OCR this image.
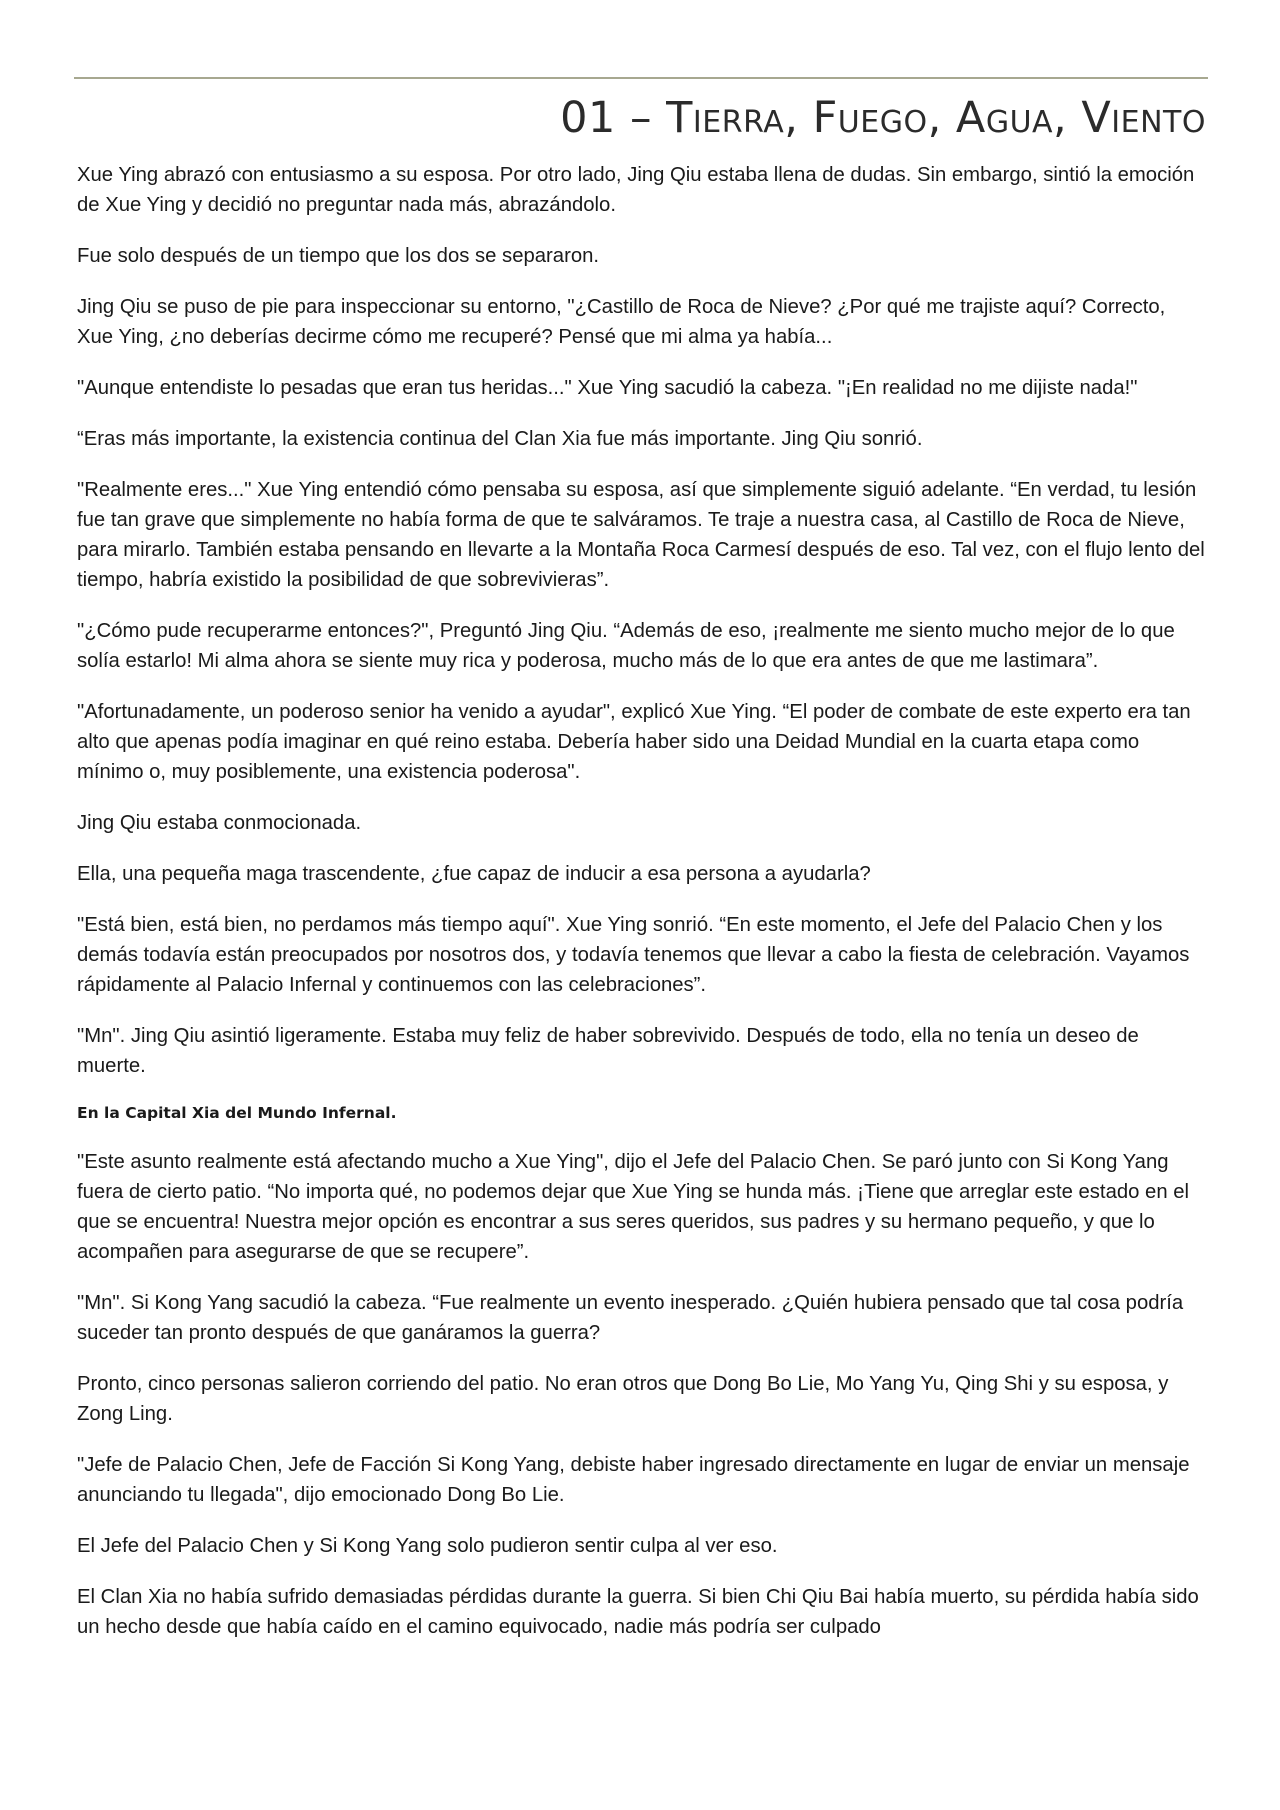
01 – Tierra, Fuego, Agua, Viento

Xue Ying abrazó con entusiasmo a su esposa. Por otro lado, Jing Qiu estaba llena de dudas. Sin embargo, sintió la emoción de Xue Ying y decidió no preguntar nada más, abrazándolo.

Fue solo después de un tiempo que los dos se separaron.

Jing Qiu se puso de pie para inspeccionar su entorno, "¿Castillo de Roca de Nieve? ¿Por qué me trajiste aquí? Correcto, Xue Ying, ¿no deberías decirme cómo me recuperé? Pensé que mi alma ya había...

"Aunque entendiste lo pesadas que eran tus heridas..." Xue Ying sacudió la cabeza. "¡En realidad no me dijiste nada!"

“Eras más importante, la existencia continua del Clan Xia fue más importante. Jing Qiu sonrió.

"Realmente eres..." Xue Ying entendió cómo pensaba su esposa, así que simplemente siguió adelante. “En verdad, tu lesión fue tan grave que simplemente no había forma de que te salváramos. Te traje a nuestra casa, al Castillo de Roca de Nieve, para mirarlo. También estaba pensando en llevarte a la Montaña Roca Carmesí después de eso. Tal vez, con el flujo lento del tiempo, habría existido la posibilidad de que sobrevivieras”.

"¿Cómo pude recuperarme entonces?", Preguntó Jing Qiu. “Además de eso, ¡realmente me siento mucho mejor de lo que solía estarlo! Mi alma ahora se siente muy rica y poderosa, mucho más de lo que era antes de que me lastimara”.

"Afortunadamente, un poderoso senior ha venido a ayudar", explicó Xue Ying. “El poder de combate de este experto era tan alto que apenas podía imaginar en qué reino estaba. Debería haber sido una Deidad Mundial en la cuarta etapa como mínimo o, muy posiblemente, una existencia poderosa".

Jing Qiu estaba conmocionada.

Ella, una pequeña maga trascendente, ¿fue capaz de inducir a esa persona a ayudarla?

"Está bien, está bien, no perdamos más tiempo aquí". Xue Ying sonrió. “En este momento, el Jefe del Palacio Chen y los demás todavía están preocupados por nosotros dos, y todavía tenemos que llevar a cabo la fiesta de celebración. Vayamos rápidamente al Palacio Infernal y continuemos con las celebraciones”.

"Mn". Jing Qiu asintió ligeramente. Estaba muy feliz de haber sobrevivido. Después de todo, ella no tenía un deseo de muerte.

En la Capital Xia del Mundo Infernal.

"Este asunto realmente está afectando mucho a Xue Ying", dijo el Jefe del Palacio Chen. Se paró junto con Si Kong Yang fuera de cierto patio. “No importa qué, no podemos dejar que Xue Ying se hunda más. ¡Tiene que arreglar este estado en el que se encuentra! Nuestra mejor opción es encontrar a sus seres queridos, sus padres y su hermano pequeño, y que lo acompañen para asegurarse de que se recupere”.

"Mn". Si Kong Yang sacudió la cabeza. “Fue realmente un evento inesperado. ¿Quién hubiera pensado que tal cosa podría suceder tan pronto después de que ganáramos la guerra?

Pronto, cinco personas salieron corriendo del patio. No eran otros que Dong Bo Lie, Mo Yang Yu, Qing Shi y su esposa, y Zong Ling.

"Jefe de Palacio Chen, Jefe de Facción Si Kong Yang, debiste haber ingresado directamente en lugar de enviar un mensaje anunciando tu llegada", dijo emocionado Dong Bo Lie.

El Jefe del Palacio Chen y Si Kong Yang solo pudieron sentir culpa al ver eso.

El Clan Xia no había sufrido demasiadas pérdidas durante la guerra. Si bien Chi Qiu Bai había muerto, su pérdida había sido un hecho desde que había caído en el camino equivocado, nadie más podría ser culpado
